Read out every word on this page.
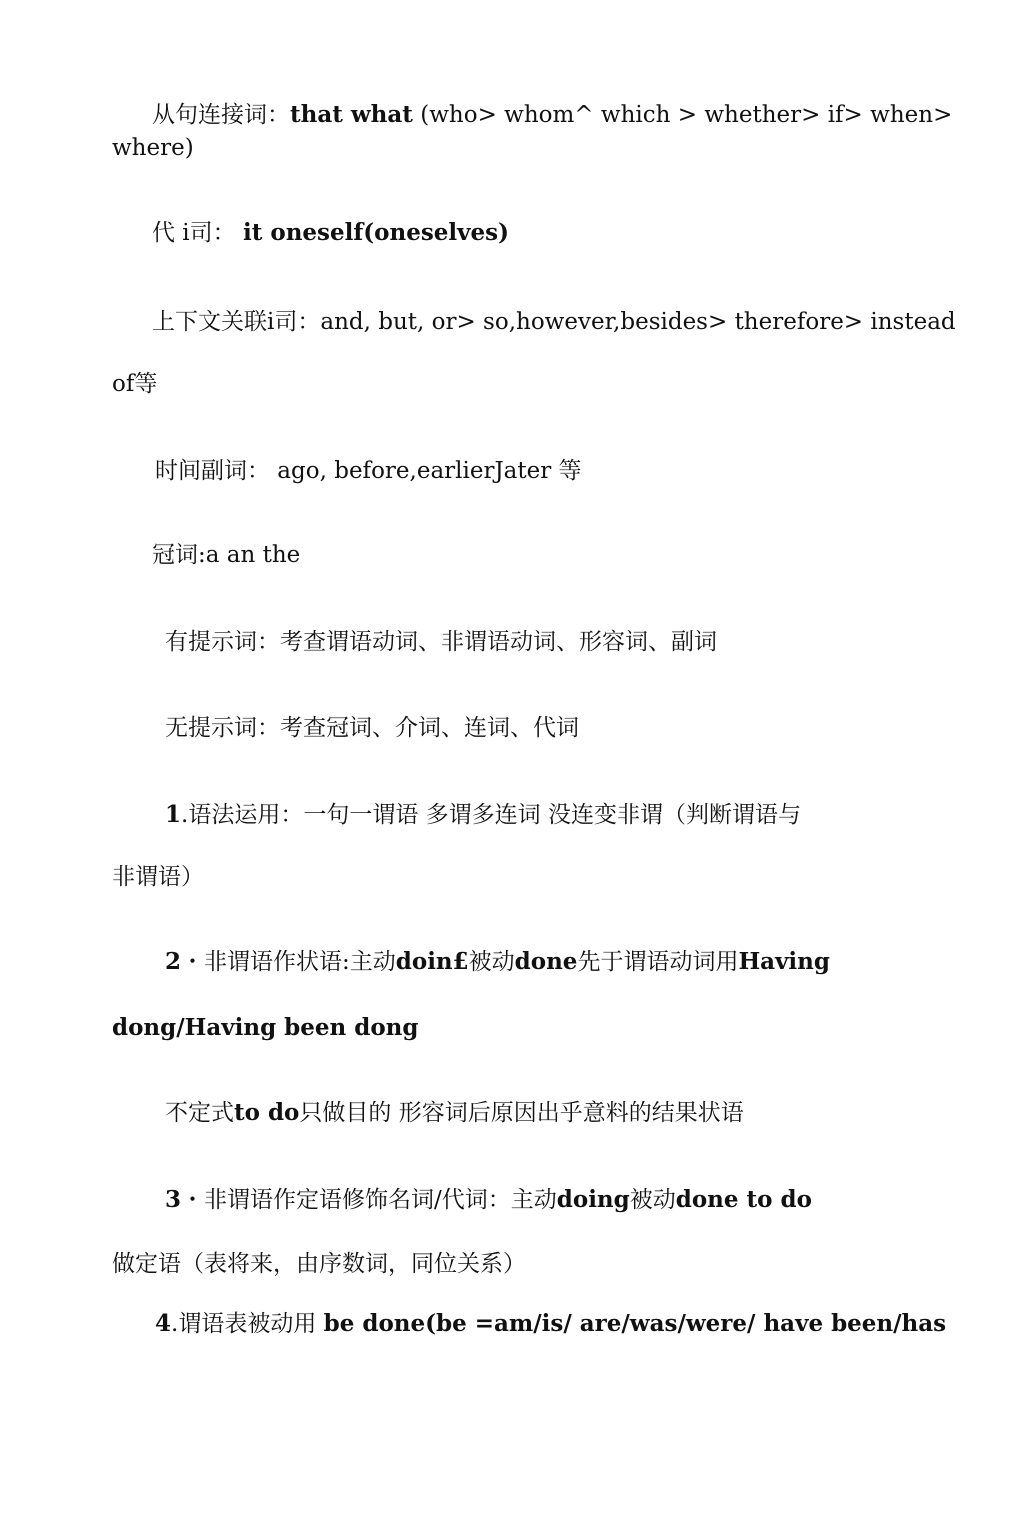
从句连接词：that what (who> whom^ which > whether> if> when>
where)
代 i司： it oneself(oneselves)
上下文关联i司：and, but, or> so,however,besides> therefore> instead
of等
时间副词： ago, before,earlierJater 等
冠词:a an the
有提示词：考查谓语动词、非谓语动词、形容词、副词
无提示词：考查冠词、介词、连词、代词
1.语法运用：一句一谓语 多谓多连词 没连变非谓（判断谓语与
非谓语）
2・非谓语作状语:主动doin£被动done先于谓语动词用Having
dong/Having been dong
不定式to do只做目的 形容词后原因出乎意料的结果状语
3・非谓语作定语修饰名词/代词：主动doing被动done to do
做定语（表将来，由序数词，同位关系）
4.谓语表被动用 be done(be =am/is/ are/was/were/ have been/has
